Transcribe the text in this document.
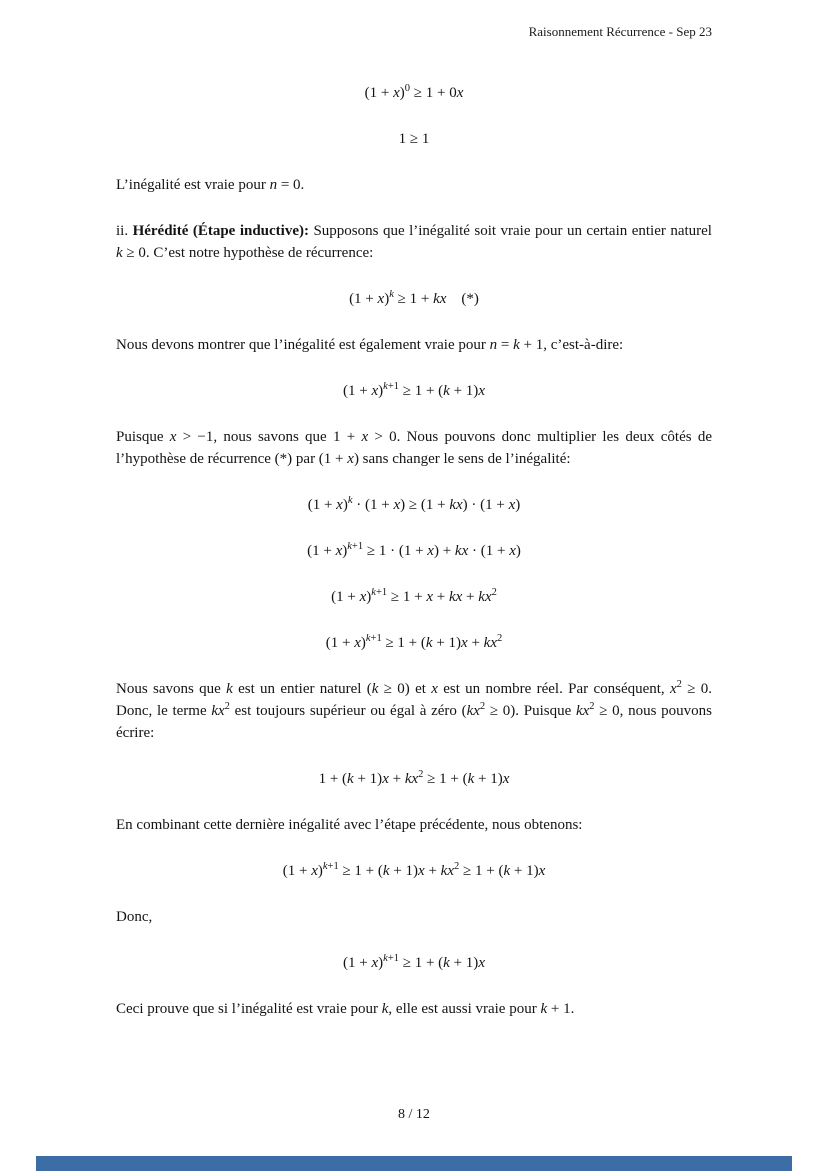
Raisonnement Récurrence - Sep 23
$(1 + x)^0 \ge 1 + 0x$
1 ≥ 1
L’inégalité est vraie pour n = 0.
ii. Hérédité (Étape inductive): Supposons que l’inégalité soit vraie pour un certain entier naturel k ≥ 0. C’est notre hypothèse de récurrence:
$(1 + x)^k \ge 1$ + kx    (*)
Nous devons montrer que l’inégalité est également vraie pour n = k + 1, c’est-à-dire:
$(1 + x)^{k+1} \ge 1 + (k + 1)x$
Puisque x > −1, nous savons que 1 + x > 0. Nous pouvons donc multiplier les deux côtés de l’hypothèse de récurrence (*) par (1 + x) sans changer le sens de l’inégalité:
$(1 + x)^k \cdot (1 + x) \ge (1 + kx) \cdot (1 + x)$
$(1 + x)^{k+1} \ge 1 \cdot (1 + x)$ + kx · (1 + x)
$(1 + x)^{k+1} \ge 1 + x$ + kx + $kx^2$
$(1 + x)^{k+1} \ge 1 + (k + 1)x + kx^2$
Nous savons que k est un entier naturel (k ≥ 0) et x est un nombre réel. Par conséquent, $x^2 \ge 0$. Donc, le terme $kx^2$ est toujours supérieur ou égal à zéro $(kx^2 \ge 0)$. Puisque $kx^2 \ge 0$, nous pouvons écrire:
$1 + (k + 1)x + kx^2 \ge 1 + (k + 1)x$
En combinant cette dernière inégalité avec l’étape précédente, nous obtenons:
$(1 + x)^{k+1} \ge 1 + (k + 1)x + kx^2 \ge 1 + (k + 1)x$
Donc,
$(1 + x)^{k+1} \ge 1 + (k + 1)x$
Ceci prouve que si l’inégalité est vraie pour k, elle est aussi vraie pour k + 1.
8 / 12
